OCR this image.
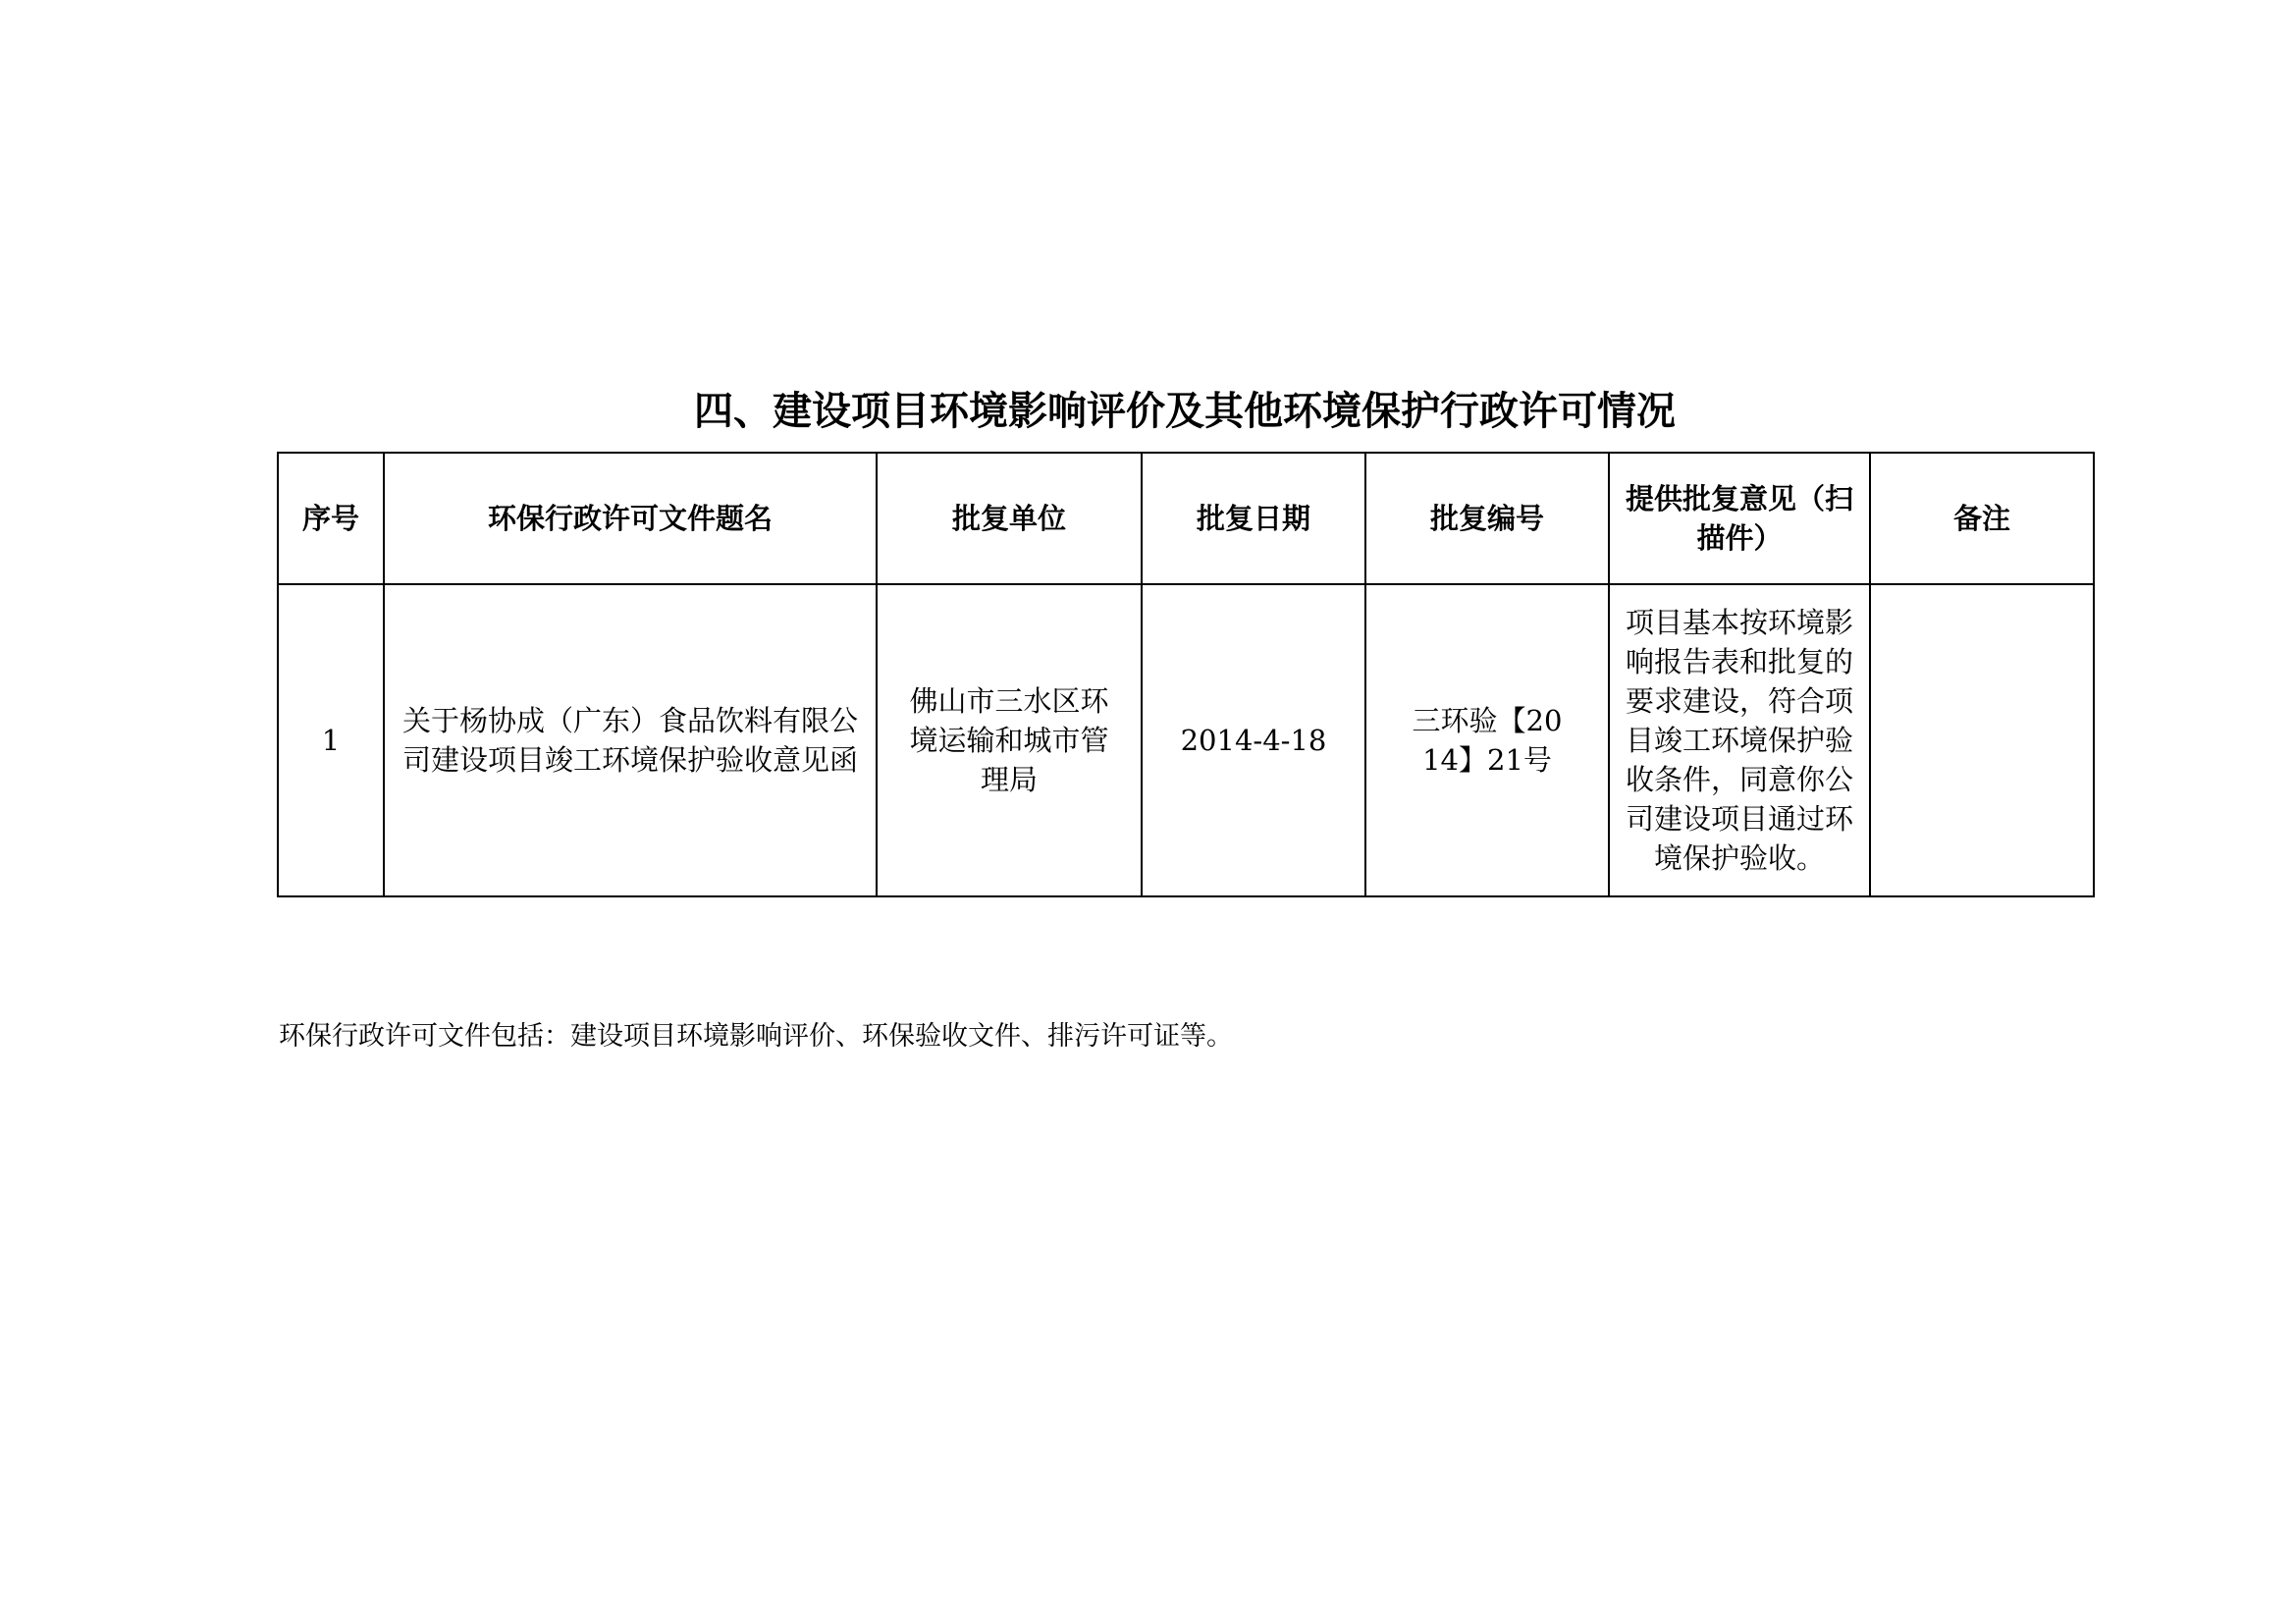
四、建设项目环境影响评价及其他环境保护行政许可情况
序号	环保行政许可文件题名	批复单位	批复日期	批复编号	提供批复意见（扫描件）	备注
1	关于杨协成（广东）食品饮料有限公司建设项目竣工环境保护验收意见函	佛山市三水区环境运输和城市管理局	2014-4-18	三环验【2014】21号	项目基本按环境影响报告表和批复的要求建设，符合项目竣工环境保护验收条件，同意你公司建设项目通过环境保护验收。	
环保行政许可文件包括：建设项目环境影响评价、环保验收文件、排污许可证等。
